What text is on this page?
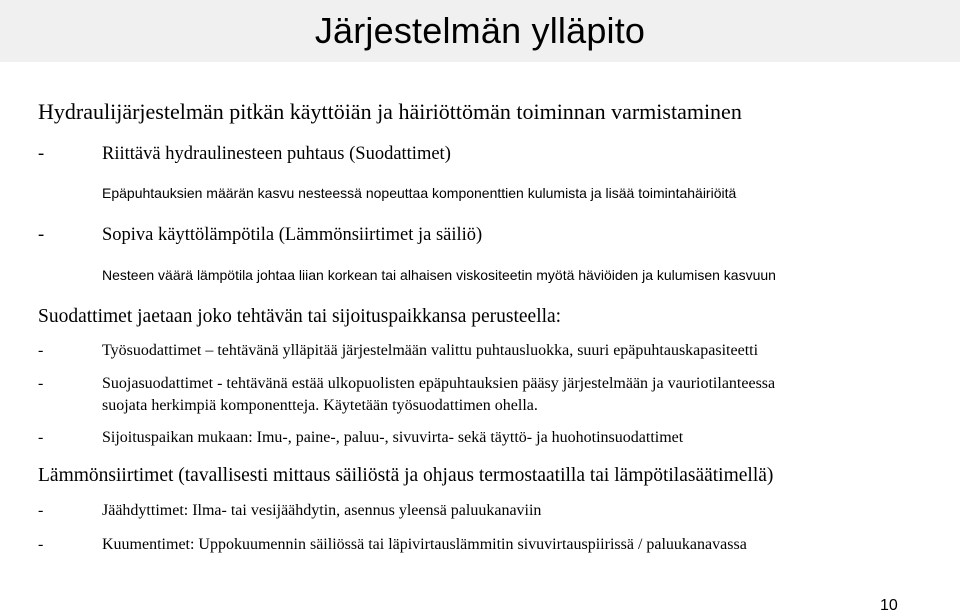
Järjestelmän ylläpito
Hydraulijärjestelmän pitkän käyttöiän ja häiriöttömän toiminnan varmistaminen
-	Riittävä hydraulinesteen puhtaus (Suodattimet)
Epäpuhtauksien määrän kasvu nesteessä nopeuttaa komponenttien kulumista ja lisää toimintahäiriöitä
-	Sopiva käyttölämpötila (Lämmönsiirtimet ja säiliö)
Nesteen väärä lämpötila johtaa liian korkean tai alhaisen viskositeetin myötä häviöiden ja kulumisen kasvuun
Suodattimet jaetaan joko tehtävän tai sijoituspaikkansa perusteella:
-	Työsuodattimet – tehtävänä ylläpitää järjestelmään valittu puhtausluokka, suuri epäpuhtauskapasiteetti
-	Suojasuodattimet - tehtävänä estää ulkopuolisten epäpuhtauksien pääsy järjestelmään ja vauriotilanteessa
suojata herkimpiä komponentteja. Käytetään työsuodattimen ohella.
-	Sijoituspaikan mukaan: Imu-, paine-, paluu-, sivuvirta- sekä täyttö- ja huohotinsuodattimet
Lämmönsiirtimet (tavallisesti mittaus säiliöstä ja ohjaus termostaatilla tai lämpötilasäätimellä)
-	Jäähdyttimet: Ilma- tai vesijäähdytin, asennus yleensä paluukanaviin
-	Kuumentimet: Uppokuumennin säiliössä tai läpivirtauslämmitin sivuvirtauspiirissä / paluukanavassa
10
